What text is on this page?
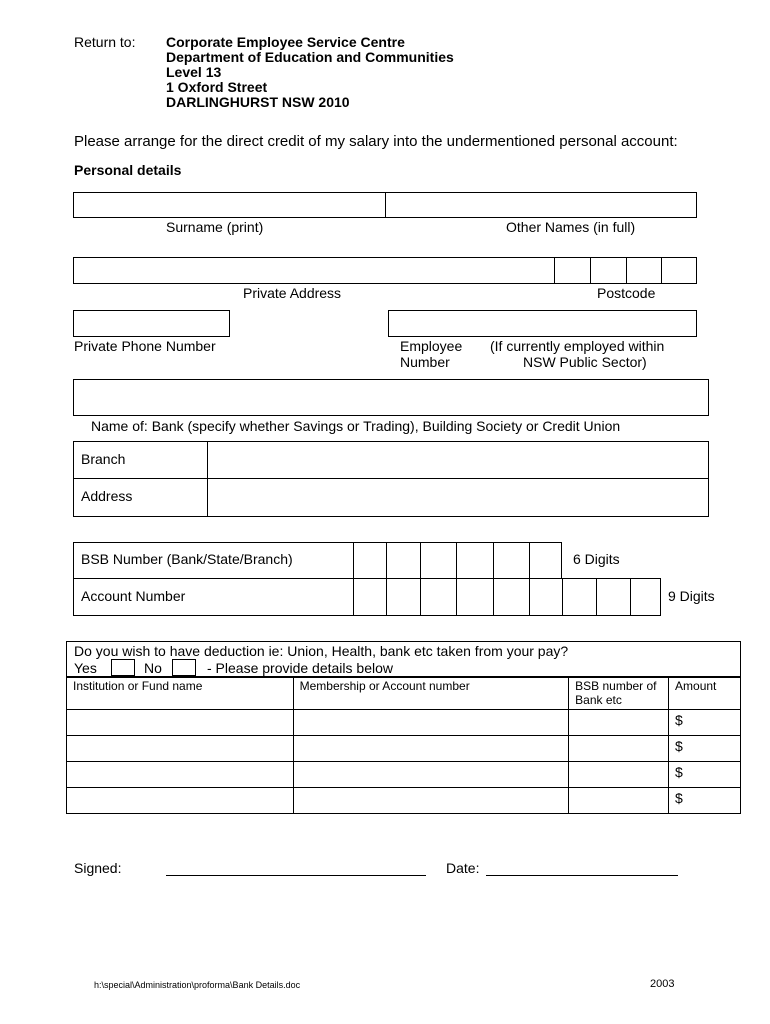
Return to: Corporate Employee Service Centre
Department of Education and Communities
Level 13
1 Oxford Street
DARLINGHURST NSW 2010
Please arrange for the direct credit of my salary into the undermentioned personal account:
Personal details
Surname (print)	Other Names (in full)
Private Address	Postcode
Private Phone Number	Employee
Number
(If currently employed within
NSW Public Sector)
Name of: Bank (specify whether Savings or Trading), Building Society or Credit Union
Branch
Address
BSB Number (Bank/State/Branch)	6 Digits
Account Number	9 Digits
Do you wish to have deduction ie: Union, Health, bank etc taken from your pay?
Yes	No	- Please provide details below
Institution or Fund name	Membership or Account number	BSB number of Bank etc	Amount
			$
			$
			$
			$
Signed:	Date:
h:\special\Administration\proforma\Bank Details.doc	2003
